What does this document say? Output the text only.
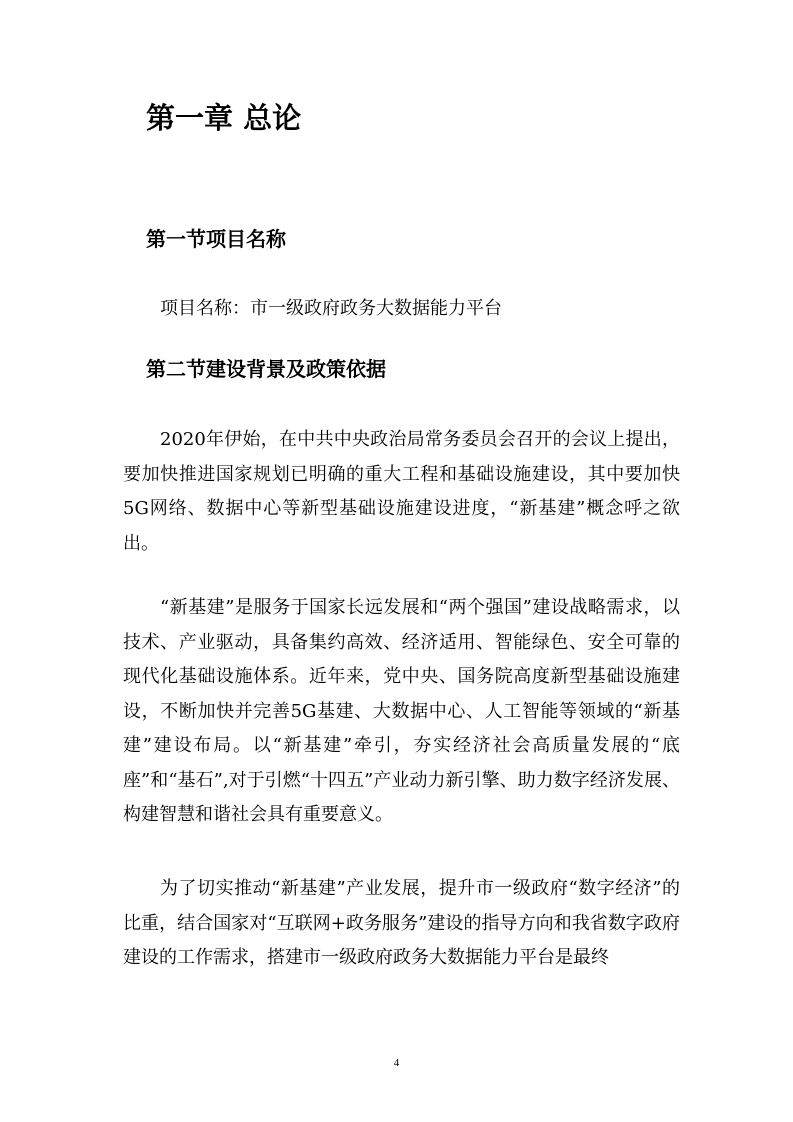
第一章 总论
第一节项目名称

项目名称：市一级政府政务大数据能力平台

第二节建设背景及政策依据

2020年伊始，在中共中央政治局常务委员会召开的会议上提出，要加快推进国家规划已明确的重大工程和基础设施建设，其中要加快5G网络、数据中心等新型基础设施建设进度，“新基建”概念呼之欲出。

“新基建”是服务于国家长远发展和“两个强国”建设战略需求，以技术、产业驱动，具备集约高效、经济适用、智能绿色、安全可靠的现代化基础设施体系。近年来，党中央、国务院高度新型基础设施建设，不断加快并完善5G基建、大数据中心、人工智能等领域的“新基建”建设布局。以“新基建”牵引，夯实经济社会高质量发展的“底座”和“基石”,对于引燃“十四五”产业动力新引擎、助力数字经济发展、构建智慧和谐社会具有重要意义。

为了切实推动“新基建”产业发展，提升市一级政府“数字经济”的比重，结合国家对“互联网+政务服务”建设的指导方向和我省数字政府建设的工作需求，搭建市一级政府政务大数据能力平台是最终

4
